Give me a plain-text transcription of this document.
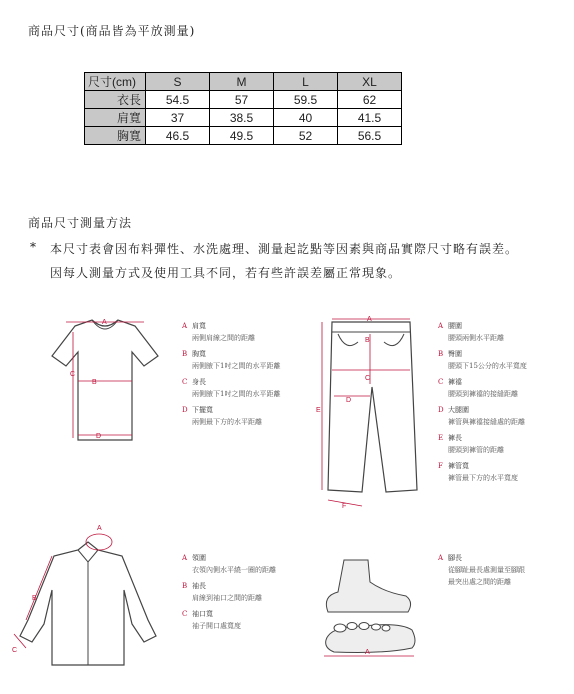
商品尺寸(商品皆為平放測量)
尺寸(cm)	S	M	L	XL
衣長	54.5	57	59.5	62
肩寬	37	38.5	40	41.5
胸寬	46.5	49.5	52	56.5
商品尺寸測量方法
* 本尺寸表會因布料彈性、水洗處理、測量起訖點等因素與商品實際尺寸略有誤差。
因每人測量方式及使用工具不同，若有些許誤差屬正常現象。
A
B
C
D
A 肩寬
兩側肩線之間的距離
B 胸寬
兩側腋下1吋之間的水平距離
C 身長
兩側腋下1吋之間的水平距離
D 下擺寬
兩側最下方的水平距離
A
B
C
D
E
F
A 腰圍
腰頭兩側水平距離
B 臀圍
腰頭下15公分的水平寬度
C 褲襠
腰頭到褲襠的接縫距離
D 大腿圍
褲管與褲襠接縫處的距離
E 褲長
腰頭到褲管的距離
F 褲管寬
褲管最下方的水平寬度
A
B
C
A 領圍
衣領內側水平繞一圈的距離
B 袖長
肩線到袖口之間的距離
C 袖口寬
袖子開口處寬度
A
A 腳長
從腳趾最長處測量至腳跟
最突出處之間的距離
